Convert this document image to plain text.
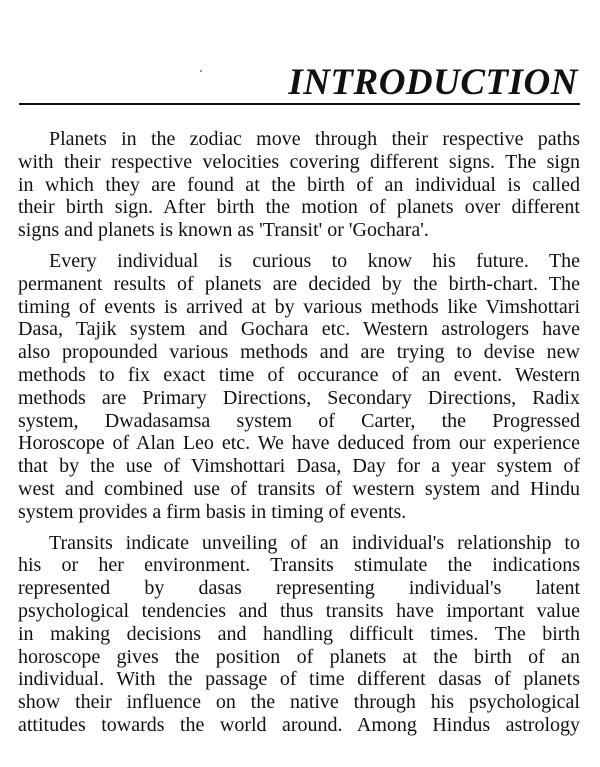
INTRODUCTION
Planets in the zodiac move through their respective paths
with their respective velocities covering different signs. The sign
in which they are found at the birth of an individual is called
their birth sign. After birth the motion of planets over different
signs and planets is known as 'Transit' or 'Gochara'.
Every individual is curious to know his future. The
permanent results of planets are decided by the birth-chart. The
timing of events is arrived at by various methods like Vimshottari
Dasa, Tajik system and Gochara etc. Western astrologers have
also propounded various methods and are trying to devise new
methods to fix exact time of occurance of an event. Western
methods are Primary Directions, Secondary Directions, Radix
system, Dwadasamsa system of Carter, the Progressed
Horoscope of Alan Leo etc. We have deduced from our experience
that by the use of Vimshottari Dasa, Day for a year system of
west and combined use of transits of western system and Hindu
system provides a firm basis in timing of events.
Transits indicate unveiling of an individual's relationship to
his or her environment. Transits stimulate the indications
represented by dasas representing individual's latent
psychological tendencies and thus transits have important value
in making decisions and handling difficult times. The birth
horoscope gives the position of planets at the birth of an
individual. With the passage of time different dasas of planets
show their influence on the native through his psychological
attitudes towards the world around. Among Hindus astrology
